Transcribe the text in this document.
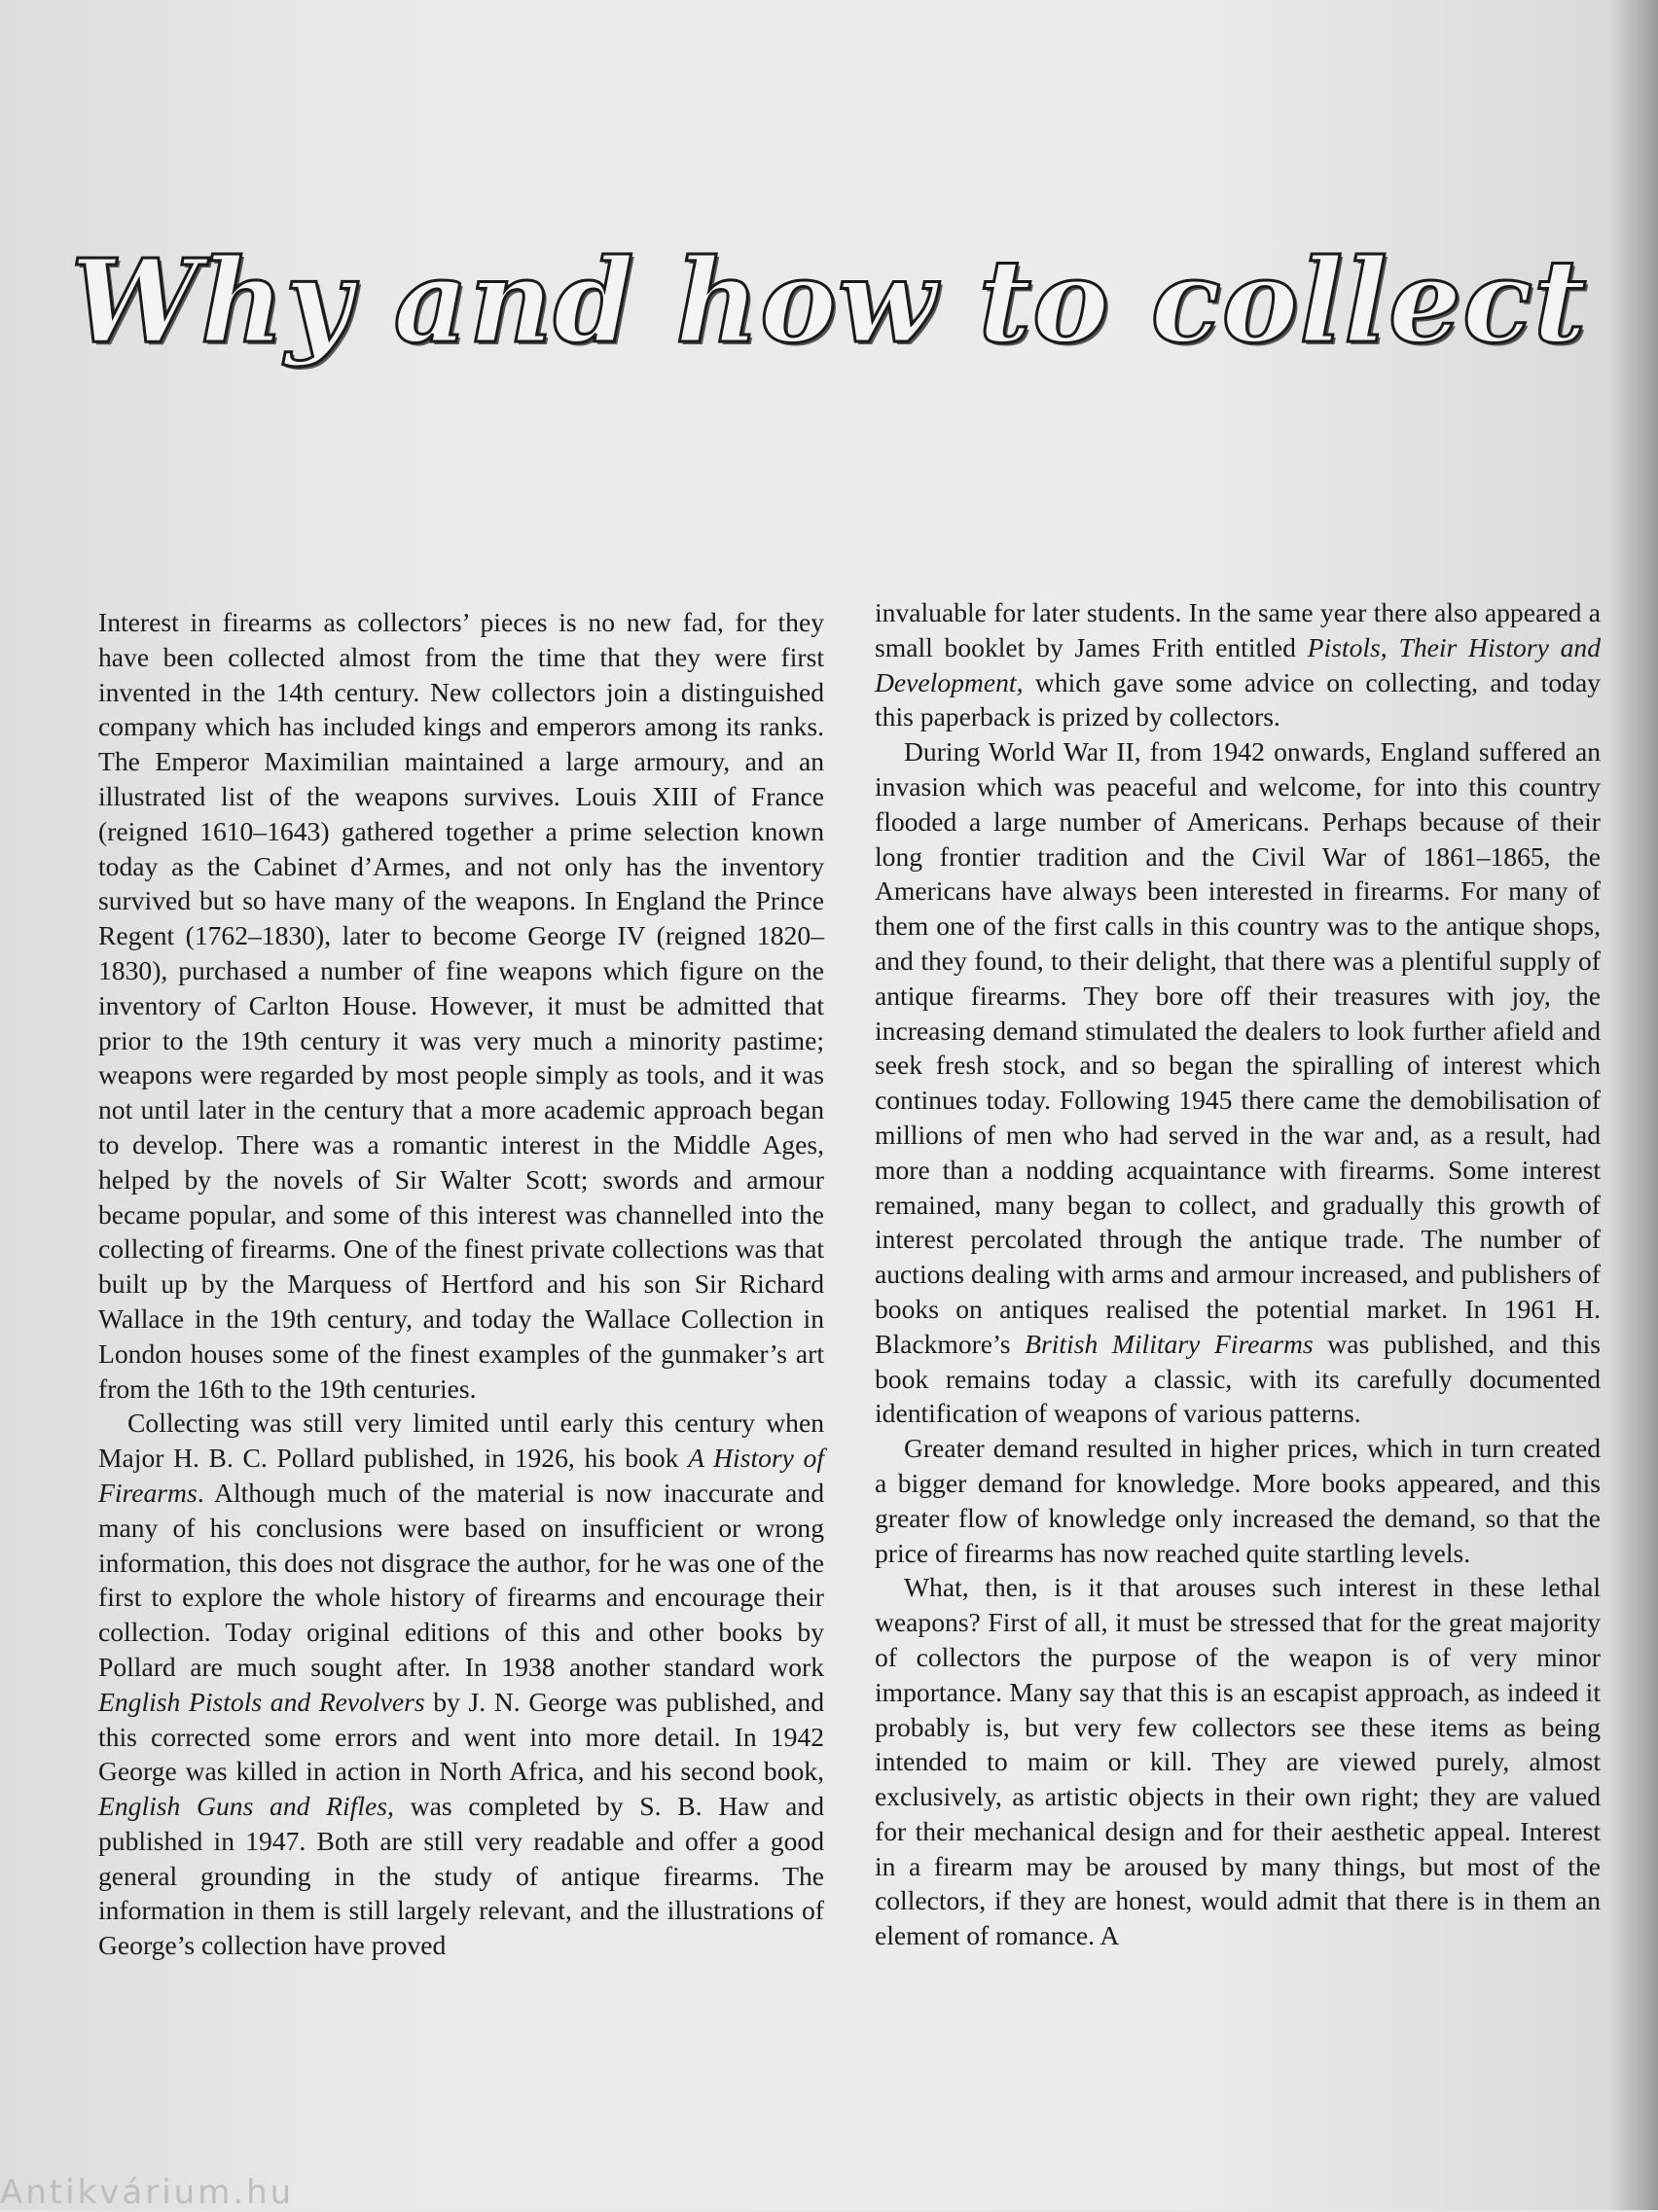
Why and how to collect

Interest in firearms as collectors’ pieces is no new fad, for they have been collected almost from the time that they were first invented in the 14th century. New collectors join a distinguished company which has included kings and emperors among its ranks. The Emperor Maximilian maintained a large armoury, and an illustrated list of the weapons survives. Louis XIII of France (reigned 1610–1643) gathered together a prime selection known today as the Cabinet d’Armes, and not only has the inventory survived but so have many of the weapons. In England the Prince Regent (1762–1830), later to become George IV (reigned 1820–1830), purchased a number of fine weapons which figure on the inventory of Carlton House. However, it must be admitted that prior to the 19th century it was very much a minority pastime; weapons were regarded by most people simply as tools, and it was not until later in the century that a more academic approach began to develop. There was a romantic interest in the Middle Ages, helped by the novels of Sir Walter Scott; swords and armour became popular, and some of this interest was channelled into the collecting of firearms. One of the finest private collections was that built up by the Marquess of Hertford and his son Sir Richard Wallace in the 19th century, and today the Wallace Collection in London houses some of the finest examples of the gunmaker’s art from the 16th to the 19th centuries.

Collecting was still very limited until early this century when Major H. B. C. Pollard published, in 1926, his book A History of Firearms. Although much of the material is now inaccurate and many of his conclusions were based on insufficient or wrong information, this does not disgrace the author, for he was one of the first to explore the whole history of firearms and encourage their collection. Today original editions of this and other books by Pollard are much sought after. In 1938 another standard work English Pistols and Revolvers by J. N. George was published, and this corrected some errors and went into more detail. In 1942 George was killed in action in North Africa, and his second book, English Guns and Rifles, was completed by S. B. Haw and published in 1947. Both are still very readable and offer a good general grounding in the study of antique firearms. The information in them is still largely relevant, and the illustrations of George’s collection have proved

invaluable for later students. In the same year there also appeared a small booklet by James Frith entitled Pistols, Their History and Development, which gave some advice on collecting, and today this paperback is prized by collectors.

During World War II, from 1942 onwards, England suffered an invasion which was peaceful and welcome, for into this country flooded a large number of Americans. Perhaps because of their long frontier tradition and the Civil War of 1861–1865, the Americans have always been interested in firearms. For many of them one of the first calls in this country was to the antique shops, and they found, to their delight, that there was a plentiful supply of antique firearms. They bore off their treasures with joy, the increasing demand stimulated the dealers to look further afield and seek fresh stock, and so began the spiralling of interest which continues today. Following 1945 there came the demobilisation of millions of men who had served in the war and, as a result, had more than a nodding acquaintance with firearms. Some interest remained, many began to collect, and gradually this growth of interest percolated through the antique trade. The number of auctions dealing with arms and armour increased, and publishers of books on antiques realised the potential market. In 1961 H. Blackmore’s British Military Firearms was published, and this book remains today a classic, with its carefully documented identification of weapons of various patterns.

Greater demand resulted in higher prices, which in turn created a bigger demand for knowledge. More books appeared, and this greater flow of knowledge only increased the demand, so that the price of firearms has now reached quite startling levels.

What, then, is it that arouses such interest in these lethal weapons? First of all, it must be stressed that for the great majority of collectors the purpose of the weapon is of very minor importance. Many say that this is an escapist approach, as indeed it probably is, but very few collectors see these items as being intended to maim or kill. They are viewed purely, almost exclusively, as artistic objects in their own right; they are valued for their mechanical design and for their aesthetic appeal. Interest in a firearm may be aroused by many things, but most of the collectors, if they are honest, would admit that there is in them an element of romance. A

Antikvárium.hu
